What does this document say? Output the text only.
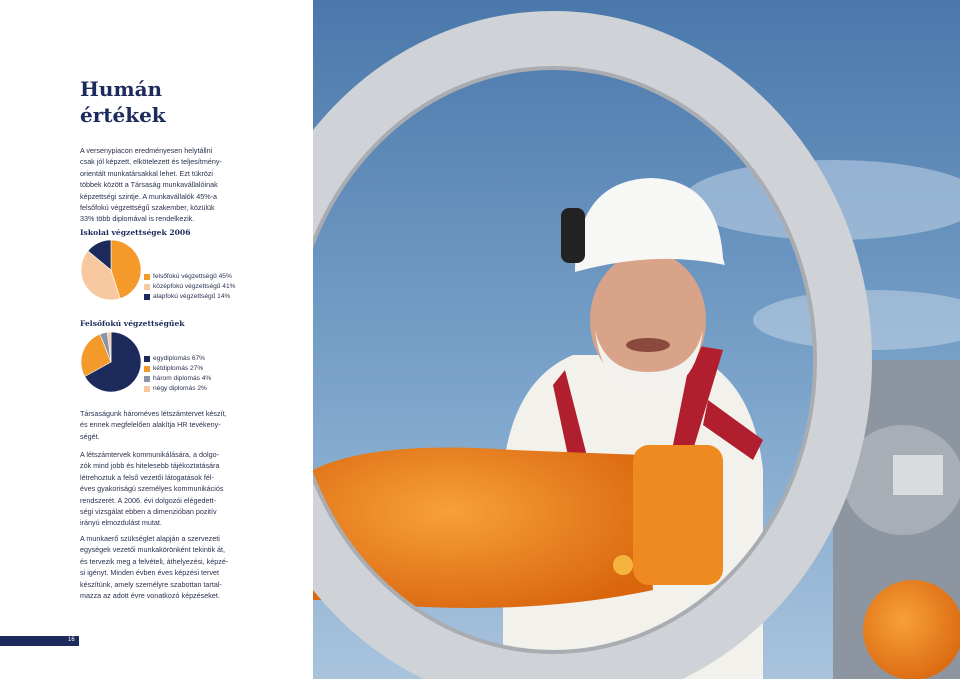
Humán
értékek
A versenypiacon eredményesen helytállni
csak jól képzett, elkötelezett és teljesítmény-
orientált munkatársakkal lehet. Ezt tükrözi
többek között a Társaság munkavállalóinak
képzettségi szintje. A munkavállalók 45%-a
felsőfokú végzettségű szakember, közülük
33% több diplomával is rendelkezik.
Iskolai végzettségek 2006
felsőfokú végzettségű 45%
középfokú végzettségű 41%
alapfokú végzettségű 14%
Felsőfokú végzettségűek
egydiplomás 67%
kétdiplomás 27%
három diplomás 4%
négy diplomás 2%
Társaságunk hároméves létszámtervet készít,
és ennek megfelelően alakítja HR tevékeny-
ségét.
A létszámtervek kommunikálására, a dolgo-
zók mind jobb és hitelesebb tájékoztatására
létrehoztuk a felső vezetői látogatások fél-
éves gyakoriságú személyes kommunikációs
rendszerét. A 2006. évi dolgozói elégedett-
ségi vizsgálat ebben a dimenzióban pozitív
irányú elmozdulást mutat.
A munkaerő szükséglet alapján a szervezeti
egységek vezetői munkakörönként tekintik át,
és tervezik meg a felvételi, áthelyezési, képzé-
si igényt. Minden évben éves képzési tervet
készítünk, amely személyre szabottan tartal-
mazza az adott évre vonatkozó képzéseket.
16
